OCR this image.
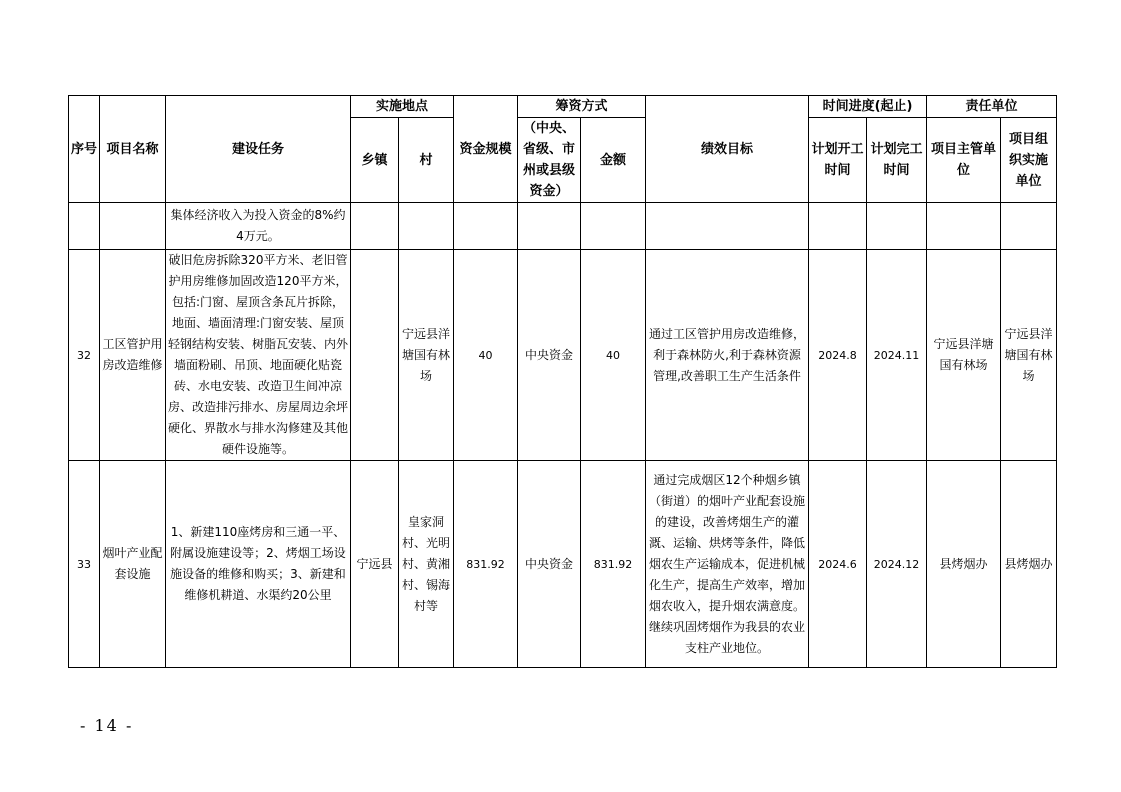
序号	项目名称	建设任务	实施地点		资金规模	筹资方式		绩效目标	时间进度(起止)		责任单位	
			乡镇	村		（中央、省级、市州或县级资金）	金额		计划开工时间	计划完工时间	项目主管单位	项目组织实施单位
		集体经济收入为投入资金的8%约4万元。										
32	工区管护用房改造维修	破旧危房拆除320平方米、老旧管护用房维修加固改造120平方米，包括:门窗、屋顶含条瓦片拆除，地面、墙面清理:门窗安装、屋顶轻钢结构安装、树脂瓦安装、内外墙面粉刷、吊顶、地面硬化贴瓷砖、水电安装、改造卫生间冲凉房、改造排污排水、房屋周边余坪硬化、界散水与排水沟修建及其他硬件设施等。		宁远县洋塘国有林场	40	中央资金	40	通过工区管护用房改造维修，利于森林防火,利于森林资源管理,改善职工生产生活条件	2024.8	2024.11	宁远县洋塘国有林场	宁远县洋塘国有林场
33	烟叶产业配套设施	1、新建110座烤房和三通一平、附属设施建设等；2、烤烟工场设施设备的维修和购买；3、新建和维修机耕道、水渠约20公里	宁远县	皇家洞村、光明村、黄湘村、锡海村等	831.92	中央资金	831.92	通过完成烟区12个种烟乡镇（街道）的烟叶产业配套设施的建设，改善烤烟生产的灌溉、运输、烘烤等条件，降低烟农生产运输成本，促进机械化生产，提高生产效率，增加烟农收入，提升烟农满意度。继续巩固烤烟作为我县的农业支柱产业地位。	2024.6	2024.12	县烤烟办	县烤烟办
- 14 -
